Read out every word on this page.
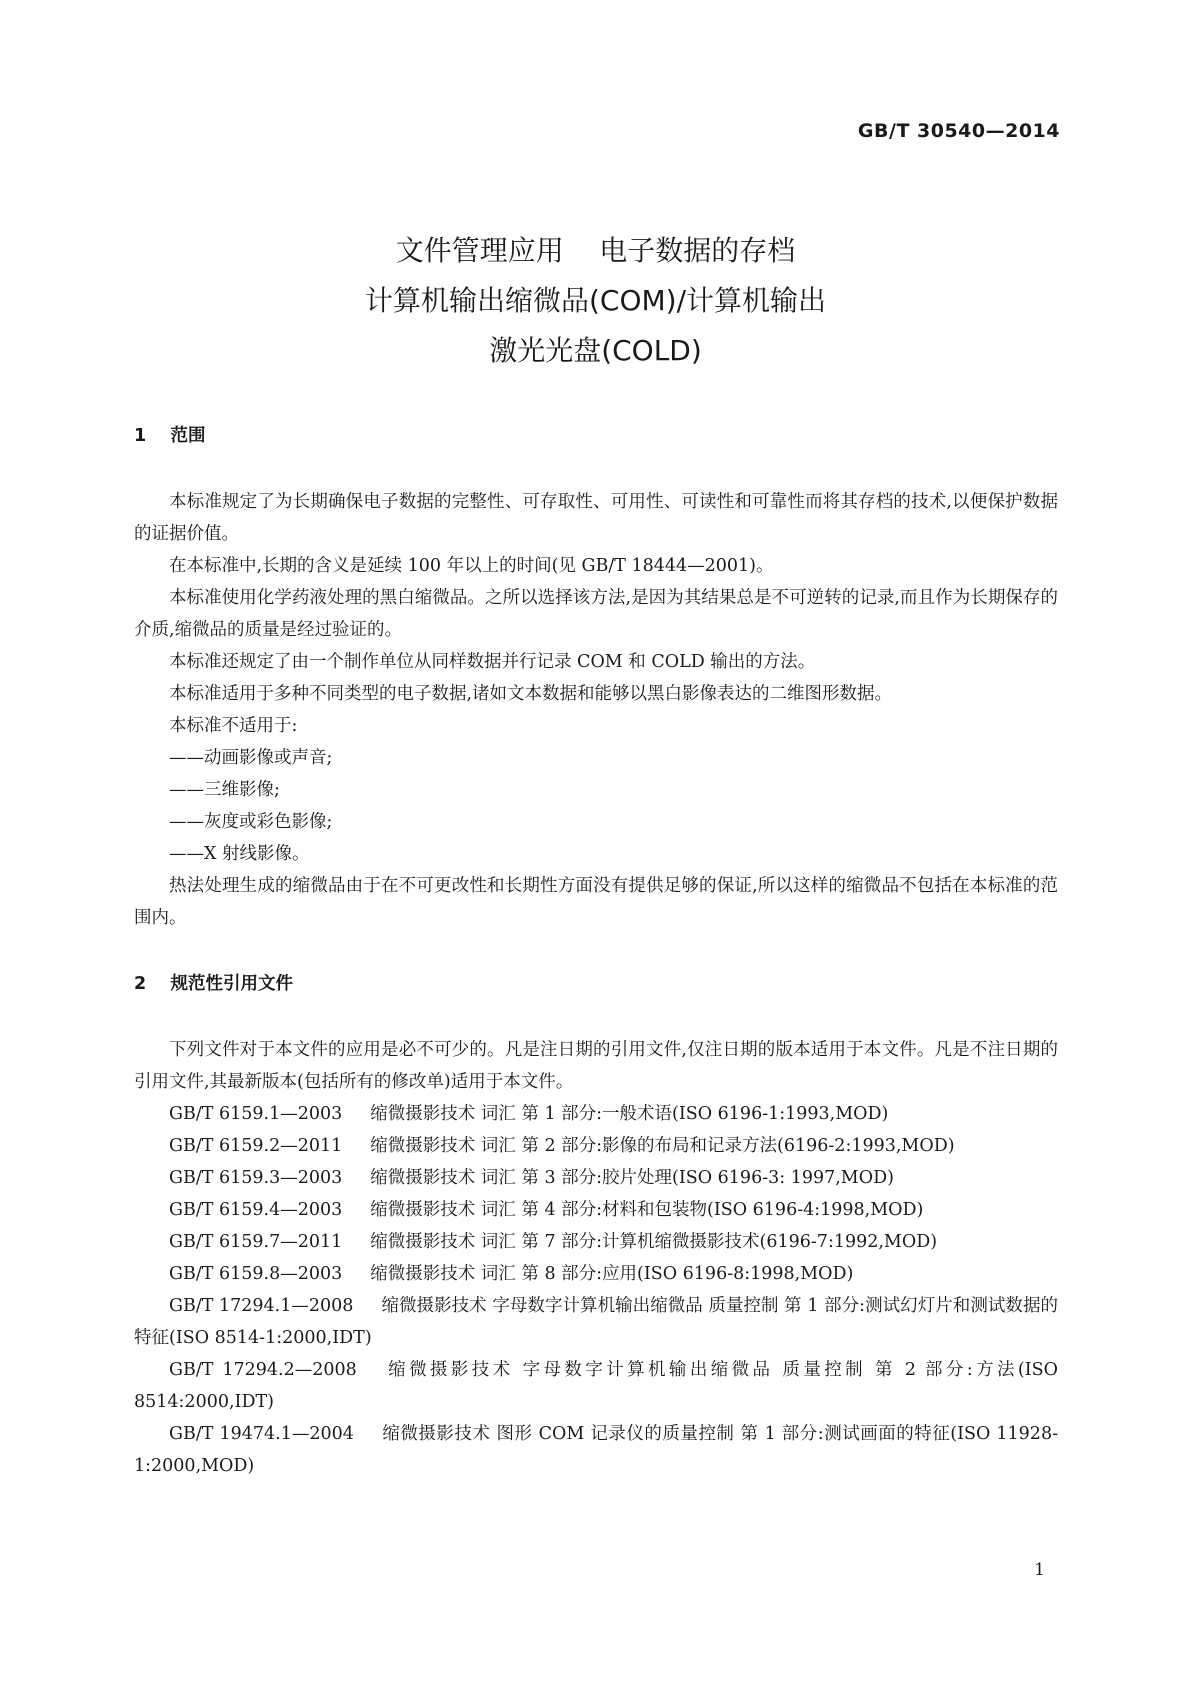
GB/T 30540—2014
文件管理应用    电子数据的存档
计算机输出缩微品(COM)/计算机输出
激光光盘(COLD)
1    范围

本标准规定了为长期确保电子数据的完整性、可存取性、可用性、可读性和可靠性而将其存档的技术,以便保护数据的证据价值。

在本标准中,长期的含义是延续 100 年以上的时间(见 GB/T 18444—2001)。

本标准使用化学药液处理的黑白缩微品。之所以选择该方法,是因为其结果总是不可逆转的记录,而且作为长期保存的介质,缩微品的质量是经过验证的。

本标准还规定了由一个制作单位从同样数据并行记录 COM 和 COLD 输出的方法。

本标准适用于多种不同类型的电子数据,诸如文本数据和能够以黑白影像表达的二维图形数据。

本标准不适用于:

——动画影像或声音;
——三维影像;
——灰度或彩色影像;
——X 射线影像。

热法处理生成的缩微品由于在不可更改性和长期性方面没有提供足够的保证,所以这样的缩微品不包括在本标准的范围内。

2    规范性引用文件

下列文件对于本文件的应用是必不可少的。凡是注日期的引用文件,仅注日期的版本适用于本文件。凡是不注日期的引用文件,其最新版本(包括所有的修改单)适用于本文件。

GB/T 6159.1—2003 缩微摄影技术 词汇 第 1 部分:一般术语(ISO 6196-1:1993,MOD)
GB/T 6159.2—2011 缩微摄影技术 词汇 第 2 部分:影像的布局和记录方法(6196-2:1993,MOD)
GB/T 6159.3—2003 缩微摄影技术 词汇 第 3 部分:胶片处理(ISO 6196-3: 1997,MOD)
GB/T 6159.4—2003 缩微摄影技术 词汇 第 4 部分:材料和包装物(ISO 6196-4:1998,MOD)
GB/T 6159.7—2011 缩微摄影技术 词汇 第 7 部分:计算机缩微摄影技术(6196-7:1992,MOD)
GB/T 6159.8—2003 缩微摄影技术 词汇 第 8 部分:应用(ISO 6196-8:1998,MOD)
GB/T 17294.1—2008 缩微摄影技术 字母数字计算机输出缩微品 质量控制 第 1 部分:测试幻灯片和测试数据的特征(ISO 8514-1:2000,IDT)
GB/T 17294.2—2008 缩微摄影技术 字母数字计算机输出缩微品 质量控制 第 2 部分:方法(ISO 8514:2000,IDT)
GB/T 19474.1—2004 缩微摄影技术 图形 COM 记录仪的质量控制 第 1 部分:测试画面的特征(ISO 11928-1:2000,MOD)
1
